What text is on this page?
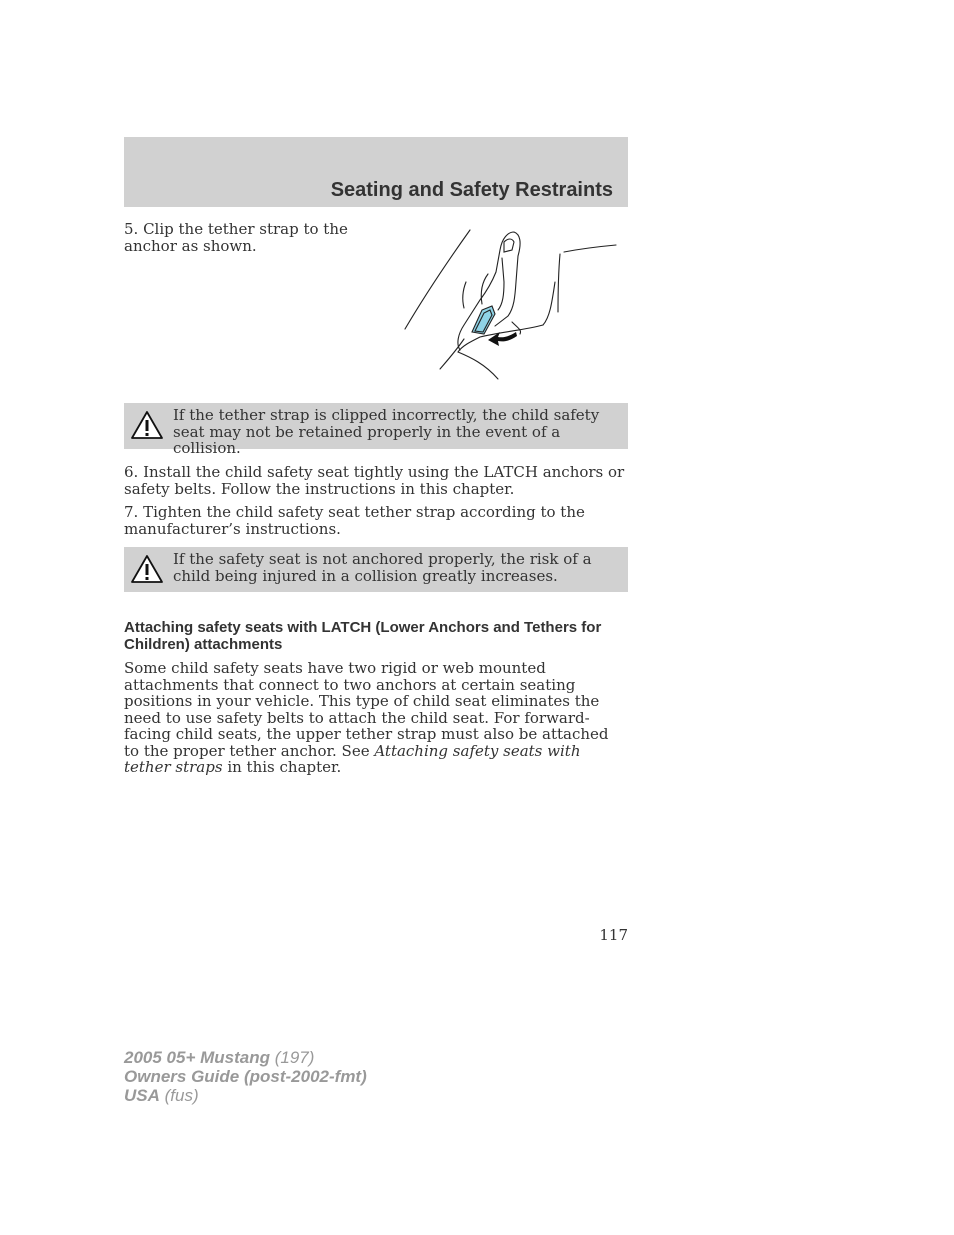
Seating and Safety Restraints
5. Clip the tether strap to the anchor as shown.
If the tether strap is clipped incorrectly, the child safety seat may not be retained properly in the event of a collision.
6. Install the child safety seat tightly using the LATCH anchors or safety belts. Follow the instructions in this chapter.
7. Tighten the child safety seat tether strap according to the manufacturer’s instructions.
If the safety seat is not anchored properly, the risk of a child being injured in a collision greatly increases.
Attaching safety seats with LATCH (Lower Anchors and Tethers for Children) attachments
Some child safety seats have two rigid or web mounted attachments that connect to two anchors at certain seating positions in your vehicle. This type of child seat eliminates the need to use safety belts to attach the child seat. For forward-facing child seats, the upper tether strap must also be attached to the proper tether anchor. See Attaching safety seats with tether straps in this chapter.
117
2005 05+ Mustang (197)
Owners Guide (post-2002-fmt)
USA (fus)
